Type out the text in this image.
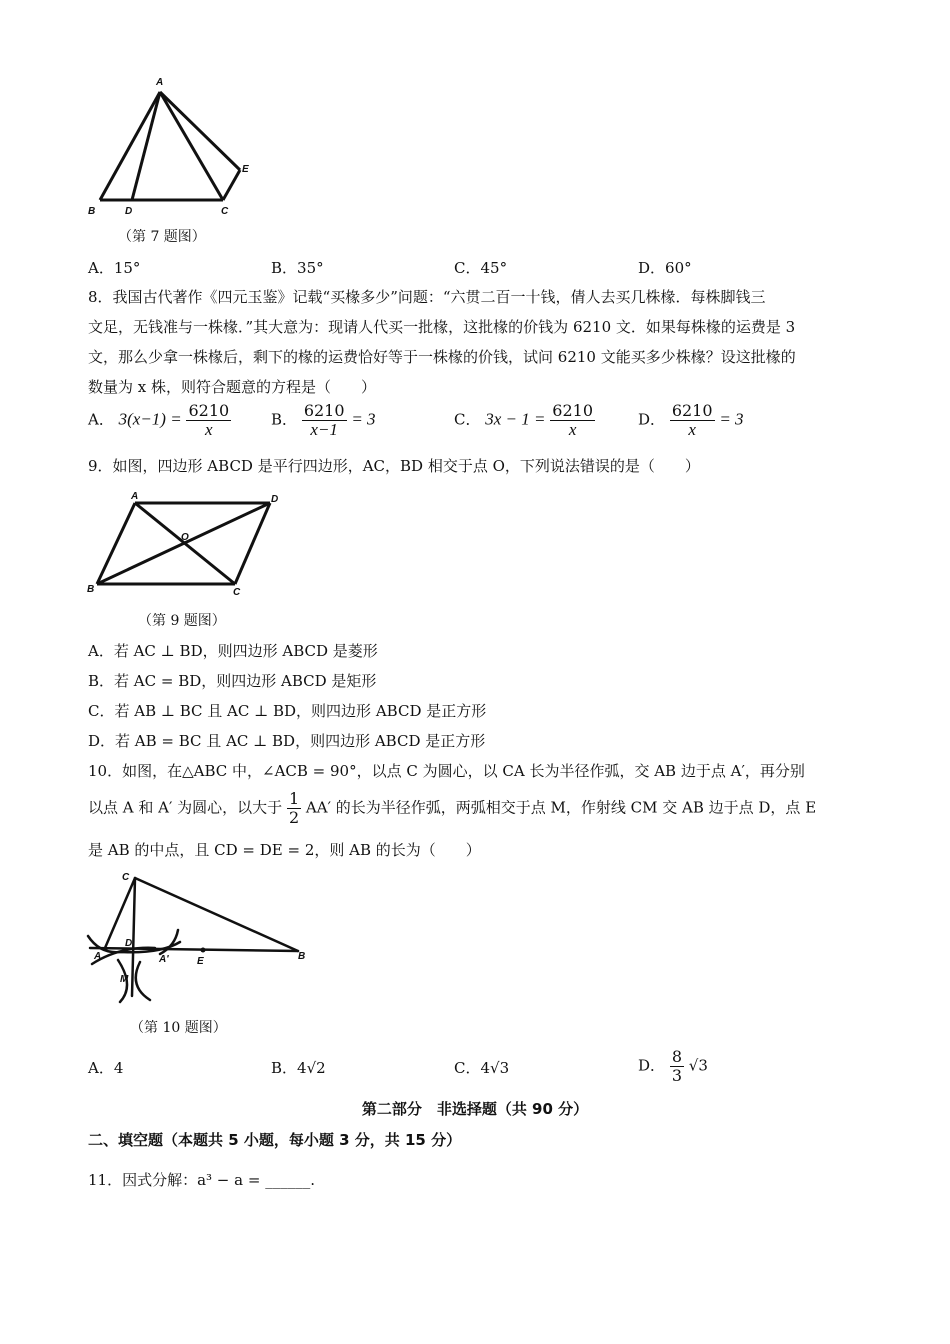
A
B	D	C
E
（第 7 题图）
A．15°	B．35°	C．45°	D．60°
8．我国古代著作《四元玉鉴》记载“买椽多少”问题：“六贯二百一十钱，倩人去买几株椽．每株脚钱三
文足，无钱准与一株椽．”其大意为：现请人代买一批椽，这批椽的价钱为 6210 文．如果每株椽的运费是 3
文，那么少拿一株椽后，剩下的椽的运费恰好等于一株椽的价钱，试问 6210 文能买多少株椽？设这批椽的
数量为 x 株，则符合题意的方程是（　　）
A． $3(x-1) = \frac{6210}{x}$	B． $\frac{6210}{x-1} = 3$	C． $3x - 1 = \frac{6210}{x}$	D． $\frac{6210}{x} = 3$
9．如图，四边形 ABCD 是平行四边形，AC，BD 相交于点 O，下列说法错误的是（　　）
A	D
O
B	C
（第 9 题图）
A．若 AC ⊥ BD，则四边形 ABCD 是菱形
B．若 AC = BD，则四边形 ABCD 是矩形
C．若 AB ⊥ BC 且 AC ⊥ BD，则四边形 ABCD 是正方形
D．若 AB = BC 且 AC ⊥ BD，则四边形 ABCD 是正方形
10．如图，在△ABC 中，∠ACB = 90°，以点 C 为圆心，以 CA 长为半径作弧，交 AB 边于点 A′，再分别
以点 A 和 A′ 为圆心，以大于 $\frac{1}{2} AA'$ 的长为半径作弧，两弧相交于点 M，作射线 CM 交 AB 边于点 D，点 E
是 AB 的中点，且 CD = DE = 2，则 AB 的长为（　　）
C
D
A	A'	E	B
M
（第 10 题图）
A．4	B．4√2	C．4√3	D． $\frac{8}{3} √3$
第二部分　非选择题（共 90 分）
二、填空题（本题共 5 小题，每小题 3 分，共 15 分）
11．因式分解：a³ − a = ______.
